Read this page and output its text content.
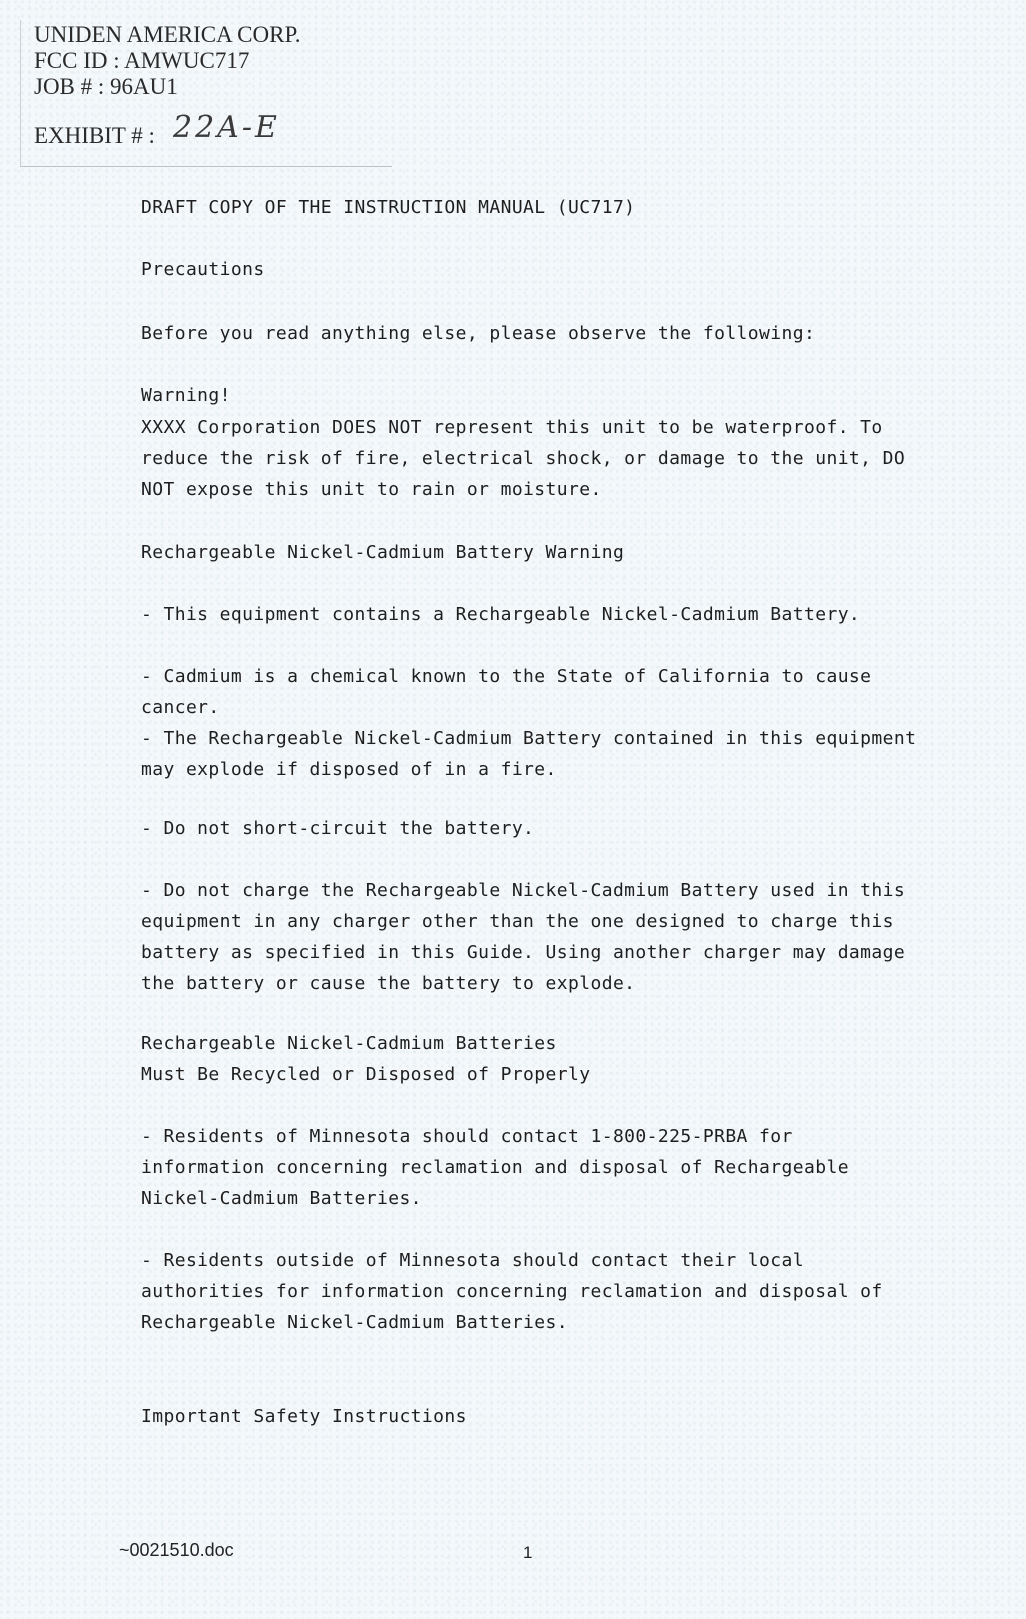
UNIDEN AMERICA CORP.
FCC ID : AMWUC717
JOB # : 96AU1
EXHIBIT # : 22A-E
DRAFT COPY OF THE INSTRUCTION MANUAL (UC717)
Precautions
Before you read anything else, please observe the following:
Warning!
XXXX Corporation DOES NOT represent this unit to be waterproof. To reduce the risk of fire, electrical shock, or damage to the unit, DO NOT expose this unit to rain or moisture.
Rechargeable Nickel-Cadmium Battery Warning
- This equipment contains a Rechargeable Nickel-Cadmium Battery.
- Cadmium is a chemical known to the State of California to cause cancer.
- The Rechargeable Nickel-Cadmium Battery contained in this equipment may explode if disposed of in a fire.
- Do not short-circuit the battery.
- Do not charge the Rechargeable Nickel-Cadmium Battery used in this equipment in any charger other than the one designed to charge this battery as specified in this Guide. Using another charger may damage the battery or cause the battery to explode.
Rechargeable Nickel-Cadmium Batteries
Must Be Recycled or Disposed of Properly
- Residents of Minnesota should contact 1-800-225-PRBA for information concerning reclamation and disposal of Rechargeable Nickel-Cadmium Batteries.
- Residents outside of Minnesota should contact their local authorities for information concerning reclamation and disposal of Rechargeable Nickel-Cadmium Batteries.
Important Safety Instructions
~0021510.doc	1
